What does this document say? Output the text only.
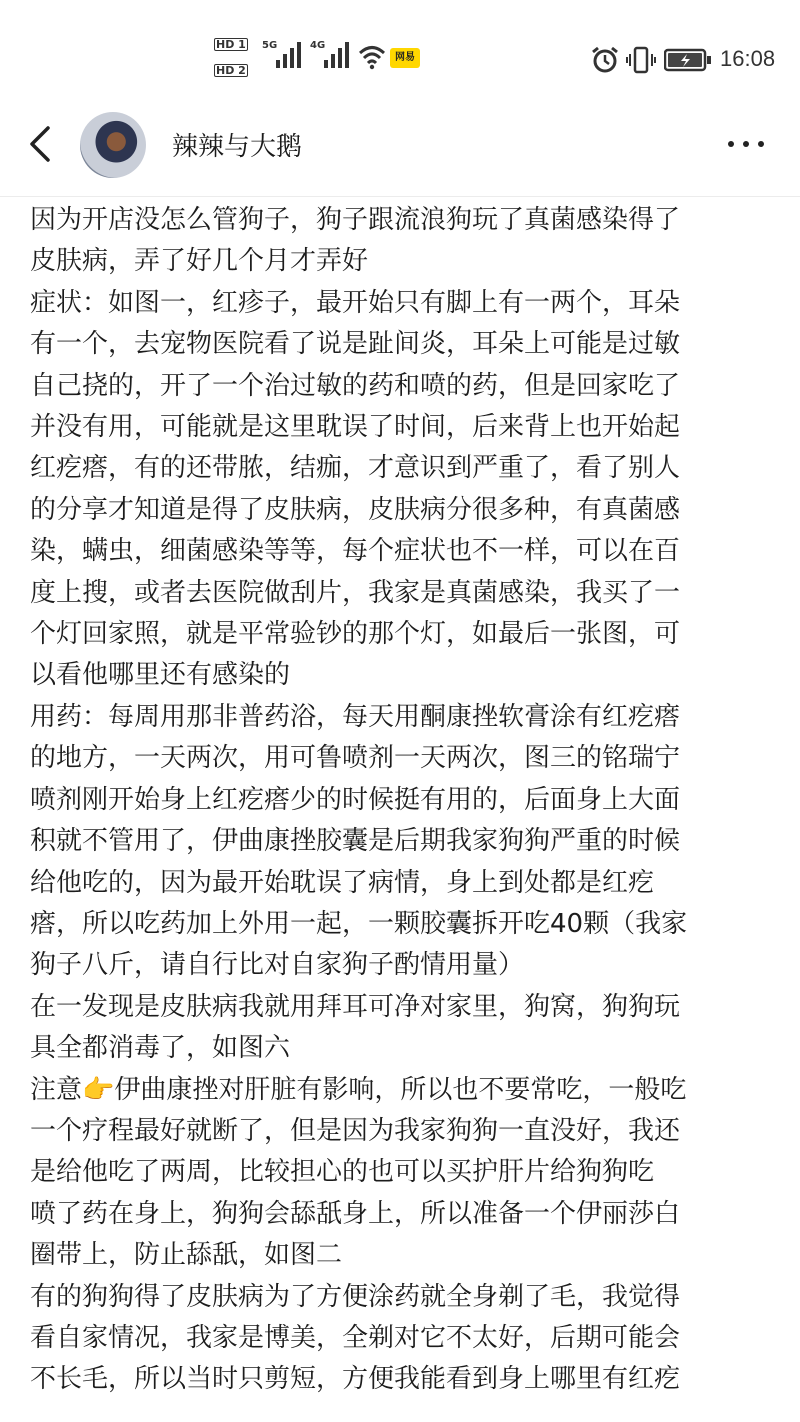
HD 1
HD 2
5G	4G
网易	16:08
辣辣与大鹅

因为开店没怎么管狗子，狗子跟流浪狗玩了真菌感染得了

皮肤病，弄了好几个月才弄好

症状：如图一，红疹子，最开始只有脚上有一两个，耳朵

有一个，去宠物医院看了说是趾间炎，耳朵上可能是过敏

自己挠的，开了一个治过敏的药和喷的药，但是回家吃了

并没有用，可能就是这里耽误了时间，后来背上也开始起

红疙瘩，有的还带脓，结痂，才意识到严重了，看了别人

的分享才知道是得了皮肤病，皮肤病分很多种，有真菌感

染，螨虫，细菌感染等等，每个症状也不一样，可以在百

度上搜，或者去医院做刮片，我家是真菌感染，我买了一

个灯回家照，就是平常验钞的那个灯，如最后一张图，可

以看他哪里还有感染的

用药：每周用那非普药浴，每天用酮康挫软膏涂有红疙瘩

的地方，一天两次，用可鲁喷剂一天两次，图三的铭瑞宁

喷剂刚开始身上红疙瘩少的时候挺有用的，后面身上大面

积就不管用了，伊曲康挫胶囊是后期我家狗狗严重的时候

给他吃的，因为最开始耽误了病情，身上到处都是红疙

瘩，所以吃药加上外用一起，一颗胶囊拆开吃40颗（我家

狗子八斤，请自行比对自家狗子酌情用量）

在一发现是皮肤病我就用拜耳可净对家里，狗窝，狗狗玩

具全都消毒了，如图六

注意👉伊曲康挫对肝脏有影响，所以也不要常吃，一般吃

一个疗程最好就断了，但是因为我家狗狗一直没好，我还

是给他吃了两周，比较担心的也可以买护肝片给狗狗吃

喷了药在身上，狗狗会舔舐身上，所以准备一个伊丽莎白

圈带上，防止舔舐，如图二

有的狗狗得了皮肤病为了方便涂药就全身剃了毛，我觉得

看自家情况，我家是博美，全剃对它不太好，后期可能会

不长毛，所以当时只剪短，方便我能看到身上哪里有红疙
